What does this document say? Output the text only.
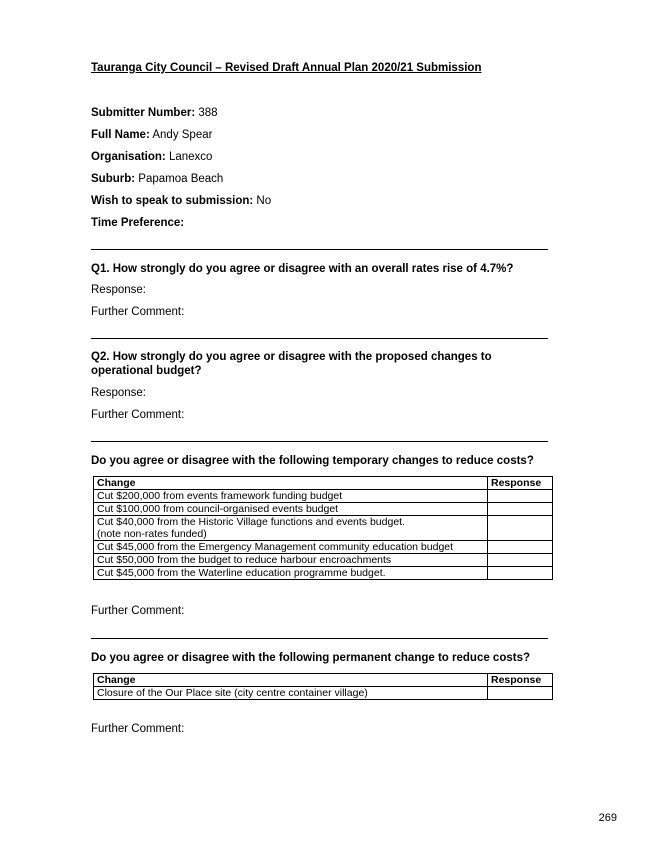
Tauranga City Council – Revised Draft Annual Plan 2020/21 Submission
Submitter Number: 388
Full Name: Andy Spear
Organisation: Lanexco
Suburb: Papamoa Beach
Wish to speak to submission: No
Time Preference:
Q1. How strongly do you agree or disagree with an overall rates rise of 4.7%?
Response:
Further Comment:
Q2. How strongly do you agree or disagree with the proposed changes to operational budget?
Response:
Further Comment:
Do you agree or disagree with the following temporary changes to reduce costs?
Change	Response
Cut $200,000 from events framework funding budget	
Cut $100,000 from council-organised events budget	
Cut $40,000 from the Historic Village functions and events budget.
(note non-rates funded)	
Cut $45,000 from the Emergency Management community education budget	
Cut $50,000 from the budget to reduce harbour encroachments	
Cut $45,000 from the Waterline education programme budget.	
Further Comment:
Do you agree or disagree with the following permanent change to reduce costs?
Change	Response
Closure of the Our Place site (city centre container village)	
Further Comment:
269
